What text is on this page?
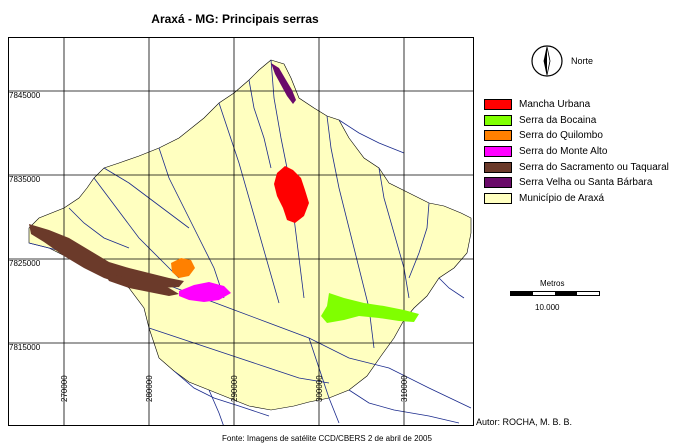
Araxá - MG: Principais serras
7845000
7835000
7825000
7815000
270000	280000	290000	300000	310000
Norte
Mancha Urbana
Serra da Bocaina
Serra do Quilombo
Serra do Monte Alto
Serra do Sacramento ou Taquaral
Serra Velha ou Santa Bárbara
Município de Araxá
Metros
10.000
Autor: ROCHA, M. B. B.
Fonte: Imagens de satélite CCD/CBERS 2 de abril de 2005
